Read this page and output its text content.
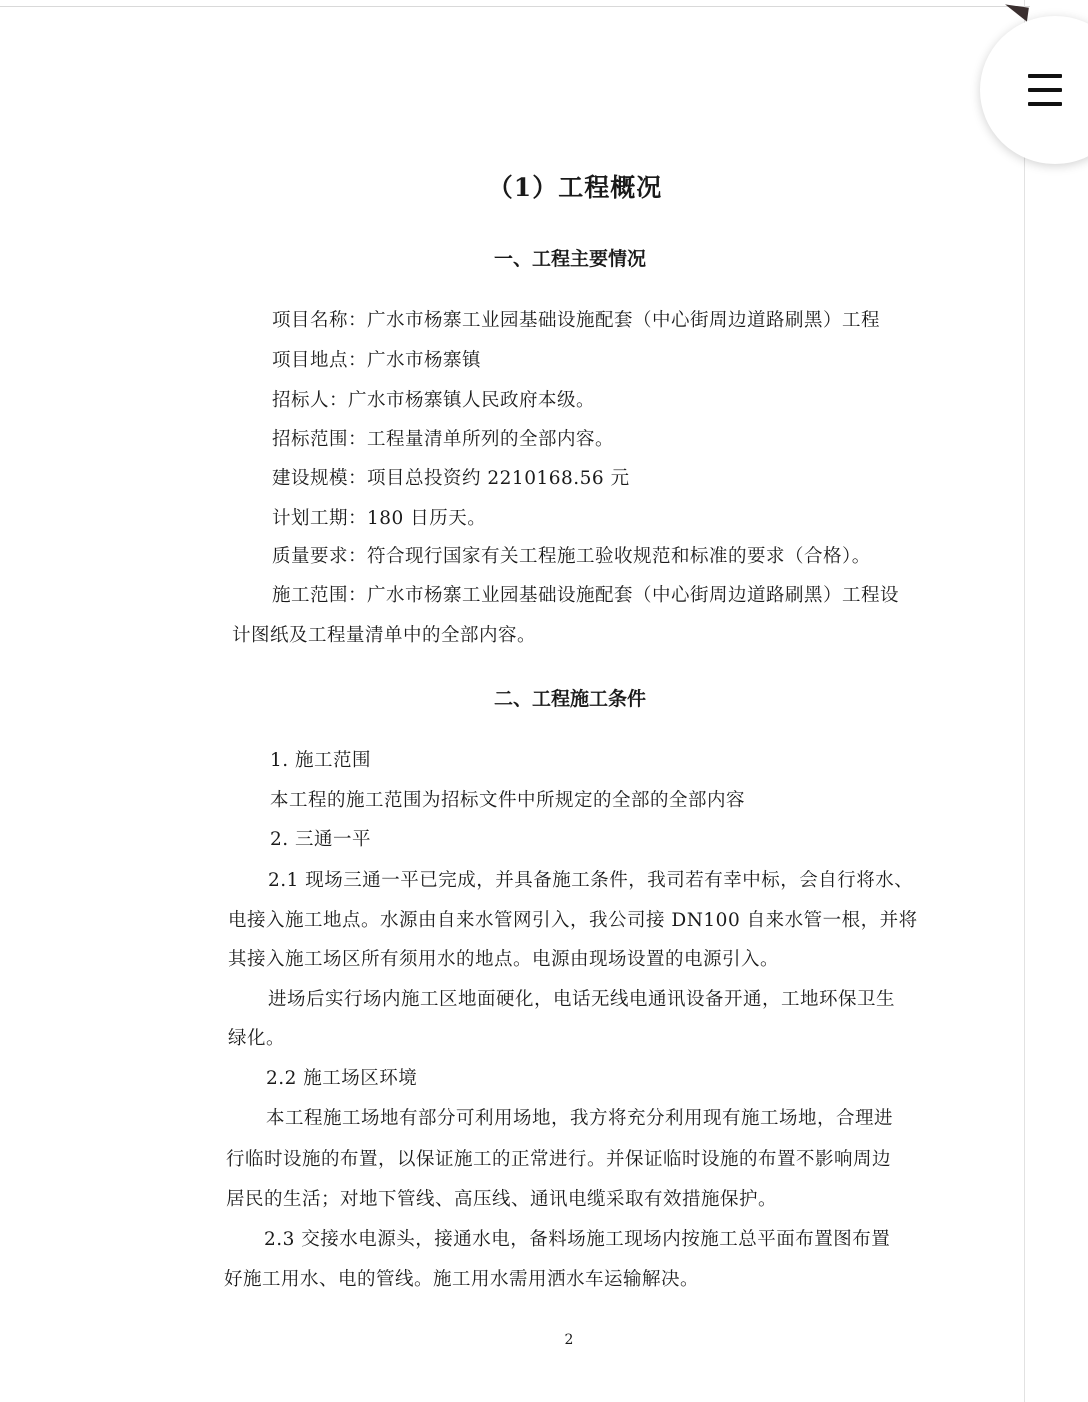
（1）工程概况
一、工程主要情况
项目名称：广水市杨寨工业园基础设施配套（中心街周边道路刷黑）工程
项目地点：广水市杨寨镇
招标人：广水市杨寨镇人民政府本级。
招标范围：工程量清单所列的全部内容。
建设规模：项目总投资约 2210168.56 元
计划工期：180 日历天。
质量要求：符合现行国家有关工程施工验收规范和标准的要求（合格）。
施工范围：广水市杨寨工业园基础设施配套（中心街周边道路刷黑）工程设
计图纸及工程量清单中的全部内容。
二、工程施工条件
1. 施工范围
本工程的施工范围为招标文件中所规定的全部的全部内容
2. 三通一平
2.1 现场三通一平已完成，并具备施工条件，我司若有幸中标，会自行将水、
电接入施工地点。水源由自来水管网引入，我公司接 DN100 自来水管一根，并将
其接入施工场区所有须用水的地点。电源由现场设置的电源引入。
进场后实行场内施工区地面硬化，电话无线电通讯设备开通，工地环保卫生
绿化。
2.2 施工场区环境
本工程施工场地有部分可利用场地，我方将充分利用现有施工场地，合理进
行临时设施的布置，以保证施工的正常进行。并保证临时设施的布置不影响周边
居民的生活；对地下管线、高压线、通讯电缆采取有效措施保护。
2.3 交接水电源头，接通水电，备料场施工现场内按施工总平面布置图布置
好施工用水、电的管线。施工用水需用洒水车运输解决。
2
